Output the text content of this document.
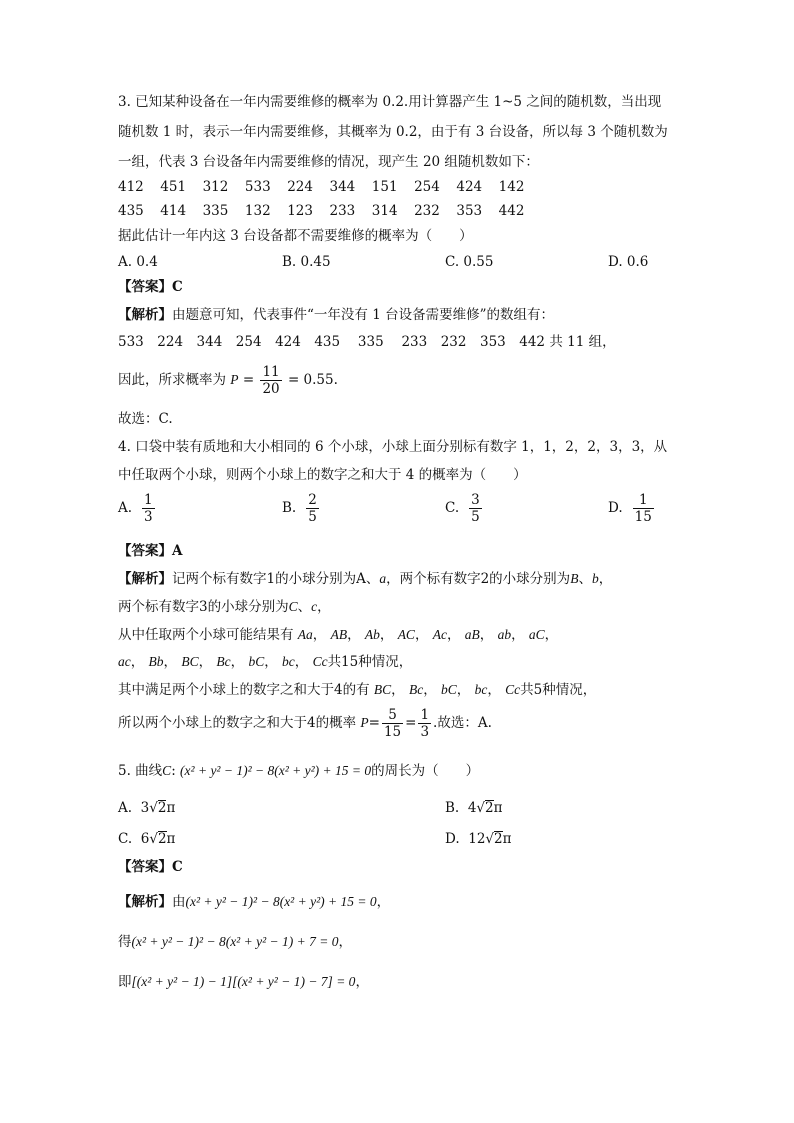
3. 已知某种设备在一年内需要维修的概率为 0.2.用计算器产生 1~5 之间的随机数，当出现
随机数 1 时，表示一年内需要维修，其概率为 0.2，由于有 3 台设备，所以每 3 个随机数为
一组，代表 3 台设备年内需要维修的情况，现产生 20 组随机数如下：
412 451 312 533 224 344 151 254 424 142
435 414 335 132 123 233 314 232 353 442
据此估计一年内这 3 台设备都不需要维修的概率为（　　）
A. 0.4	B. 0.45	C. 0.55	D. 0.6
【答案】C
【解析】由题意可知，代表事件“一年没有 1 台设备需要维修”的数组有：
533　224　344　254　424　435　 335　 233　232　353　442 共 11 组，
因此，所求概率为 $P = \frac{11}{20} = 0.55$.
故选：C.
4. 口袋中装有质地和大小相同的 6 个小球，小球上面分别标有数字 1，1，2，2，3，3，从
中任取两个小球，则两个小球上的数字之和大于 4 的概率为（　　）
A. $\frac{1}{3}$	B. $\frac{2}{5}$	C. $\frac{3}{5}$	D. $\frac{1}{15}$
【答案】A
【解析】记两个标有数字1的小球分别为A、a，两个标有数字2的小球分别为B、b，
两个标有数字3的小球分别为C、c，
从中任取两个小球可能结果有 Aa， AB， Ab， AC， Ac， aB， ab， aC，
ac， Bb， BC， Bc， bC， bc， Cc共15种情况，
其中满足两个小球上的数字之和大于4的有 BC， Bc， bC， bc， Cc共5种情况，
所以两个小球上的数字之和大于4的概率 $P= \frac{5}{15} = \frac{1}{3}$ .故选：A.
5. 曲线C: (x² + y² − 1)² − 8(x² + y²) + 15 = 0的周长为（　　）
A. 3√2π	B. 4√2π
C. 6√2π	D. 12√2π
【答案】C
【解析】由(x² + y² − 1)² − 8(x² + y²) + 15 = 0，
得(x² + y² − 1)² − 8(x² + y² − 1) + 7 = 0，
即[(x² + y² − 1) − 1][(x² + y² − 1) − 7] = 0，
